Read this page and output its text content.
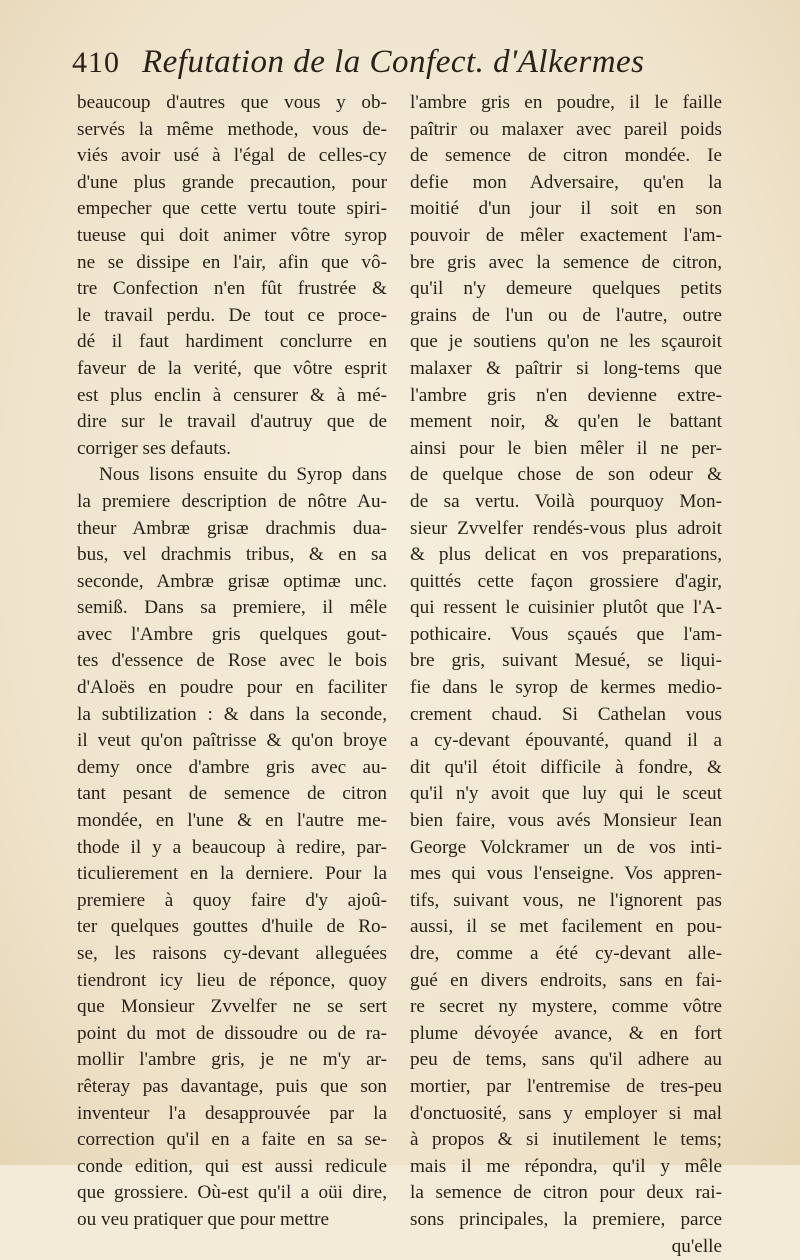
410 Refutation de la Confect. d'Alkermes
beaucoup d'autres que vous y ob-
servés la même methode, vous de-
viés avoir usé à l'égal de celles-cy
d'une plus grande precaution, pour
empecher que cette vertu toute spiri-
tueuse qui doit animer vôtre syrop
ne se dissipe en l'air, afin que vô-
tre Confection n'en fût frustrée &
le travail perdu. De tout ce proce-
dé il faut hardiment conclurre en
faveur de la verité, que vôtre esprit
est plus enclin à censurer & à mé-
dire sur le travail d'autruy que de
corriger ses defauts.
Nous lisons ensuite du Syrop dans
la premiere description de nôtre Au-
theur Ambræ grisæ drachmis dua-
bus, vel drachmis tribus, & en sa
seconde, Ambræ grisæ optimæ unc.
semiß. Dans sa premiere, il mêle
avec l'Ambre gris quelques gout-
tes d'essence de Rose avec le bois
d'Aloës en poudre pour en faciliter
la subtilization : & dans la seconde,
il veut qu'on paîtrisse & qu'on broye
demy once d'ambre gris avec au-
tant pesant de semence de citron
mondée, en l'une & en l'autre me-
thode il y a beaucoup à redire, par-
ticulierement en la derniere. Pour la
premiere à quoy faire d'y ajoû-
ter quelques gouttes d'huile de Ro-
se, les raisons cy-devant alleguées
tiendront icy lieu de réponce, quoy
que Monsieur Zvvelfer ne se sert
point du mot de dissoudre ou de ra-
mollir l'ambre gris, je ne m'y ar-
rêteray pas davantage, puis que son
inventeur l'a desapprouvée par la
correction qu'il en a faite en sa se-
conde edition, qui est aussi redicule
que grossiere. Où-est qu'il a oüi dire,
ou veu pratiquer que pour mettre
l'ambre gris en poudre, il le faille
paîtrir ou malaxer avec pareil poids
de semence de citron mondée. Ie
defie mon Adversaire, qu'en la
moitié d'un jour il soit en son
pouvoir de mêler exactement l'am-
bre gris avec la semence de citron,
qu'il n'y demeure quelques petits
grains de l'un ou de l'autre, outre
que je soutiens qu'on ne les sçauroit
malaxer & paîtrir si long-tems que
l'ambre gris n'en devienne extre-
mement noir, & qu'en le battant
ainsi pour le bien mêler il ne per-
de quelque chose de son odeur &
de sa vertu. Voilà pourquoy Mon-
sieur Zvvelfer rendés-vous plus adroit
& plus delicat en vos preparations,
quittés cette façon grossiere d'agir,
qui ressent le cuisinier plutôt que l'A-
pothicaire. Vous sçaués que l'am-
bre gris, suivant Mesué, se liqui-
fie dans le syrop de kermes medio-
crement chaud. Si Cathelan vous
a cy-devant épouvanté, quand il a
dit qu'il étoit difficile à fondre, &
qu'il n'y avoit que luy qui le sceut
bien faire, vous avés Monsieur Iean
George Volckramer un de vos inti-
mes qui vous l'enseigne. Vos appren-
tifs, suivant vous, ne l'ignorent pas
aussi, il se met facilement en pou-
dre, comme a été cy-devant alle-
gué en divers endroits, sans en fai-
re secret ny mystere, comme vôtre
plume dévoyée avance, & en fort
peu de tems, sans qu'il adhere au
mortier, par l'entremise de tres-peu
d'onctuosité, sans y employer si mal
à propos & si inutilement le tems;
mais il me répondra, qu'il y mêle
la semence de citron pour deux rai-
sons principales, la premiere, parce
qu'elle
